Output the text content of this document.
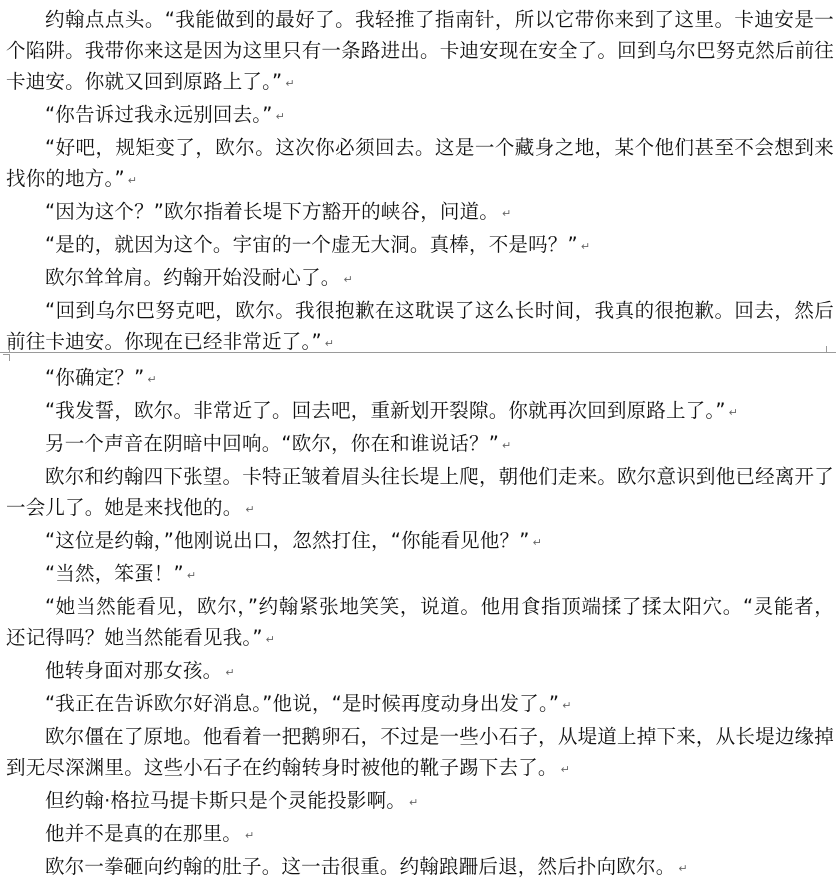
约翰点点头。“我能做到的最好了。我轻推了指南针，所以它带你来到了这里。卡迪安是一个陷阱。我带你来这是因为这里只有一条路进出。卡迪安现在安全了。回到乌尔巴努克然后前往卡迪安。你就又回到原路上了。” ↵

“你告诉过我永远别回去。” ↵

“好吧，规矩变了，欧尔。这次你必须回去。这是一个藏身之地，某个他们甚至不会想到来找你的地方。” ↵

“因为这个？”欧尔指着长堤下方豁开的峡谷，问道。 ↵

“是的，就因为这个。宇宙的一个虚无大洞。真棒，不是吗？” ↵

欧尔耸耸肩。约翰开始没耐心了。 ↵

“回到乌尔巴努克吧，欧尔。我很抱歉在这耽误了这么长时间，我真的很抱歉。回去，然后前往卡迪安。你现在已经非常近了。” ↵

“你确定？” ↵

“我发誓，欧尔。非常近了。回去吧，重新划开裂隙。你就再次回到原路上了。” ↵

另一个声音在阴暗中回响。“欧尔，你在和谁说话？” ↵

欧尔和约翰四下张望。卡特正皱着眉头往长堤上爬，朝他们走来。欧尔意识到他已经离开了一会儿了。她是来找他的。 ↵

“这位是约翰，”他刚说出口，忽然打住，“你能看见他？” ↵

“当然，笨蛋！” ↵

“她当然能看见，欧尔，”约翰紧张地笑笑，说道。他用食指顶端揉了揉太阳穴。“灵能者，还记得吗？她当然能看见我。” ↵

他转身面对那女孩。 ↵

“我正在告诉欧尔好消息。”他说，“是时候再度动身出发了。” ↵

欧尔僵在了原地。他看着一把鹅卵石，不过是一些小石子，从堤道上掉下来，从长堤边缘掉到无尽深渊里。这些小石子在约翰转身时被他的靴子踢下去了。 ↵

但约翰·格拉马提卡斯只是个灵能投影啊。 ↵

他并不是真的在那里。 ↵

欧尔一拳砸向约翰的肚子。这一击很重。约翰踉跚后退，然后扑向欧尔。 ↵
